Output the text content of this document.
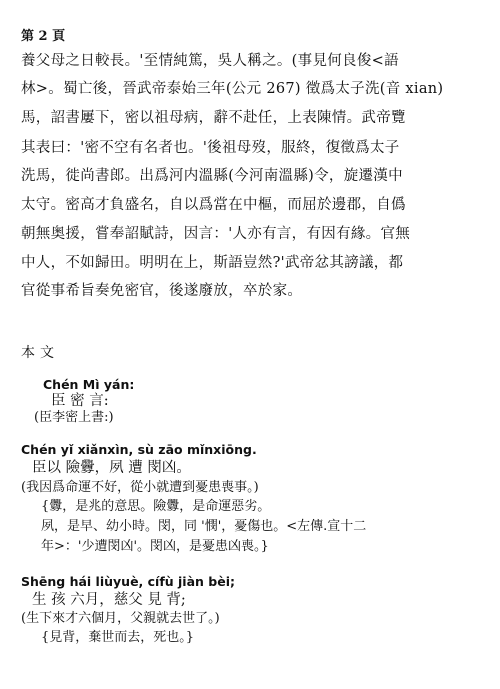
第 2 頁
養父母之日較長。'至情純篤，吳人稱之。(事見何良俊<語
林>。蜀亡後，晉武帝泰始三年(公元 267) 徵爲太子洗(音 xian)
馬，詔書屢下，密以祖母病，辭不赴任，上表陳情。武帝覽
其表曰：'密不空有名者也。'後祖母歿，服終，復徵爲太子
洗馬，徙尚書郎。出爲河内溫縣(今河南溫縣)令，旋遷漢中
太守。密高才負盛名，自以爲當在中樞，而屈於邊郡，自僞
朝無奥援，嘗奉詔賦詩，因言：'人亦有言，有因有緣。官無
中人，不如歸田。明明在上，斯語豈然?'武帝忿其謗議，都
官從事希旨奏免密官，後遂廢放，卒於家。
本文
Chén Mì yán:
臣 密 言:
(臣李密上書:)
Chén yǐ xiǎnxìn, sù zāo mǐnxiōng.
臣以 險釁，夙 遭 閔凶。
(我因爲命運不好，從小就遭到憂患喪事。)
{釁，是兆的意思。險釁，是命運惡劣。
夙，是早、幼小時。閔，同 '憫'，憂傷也。<左傳.宣十二
年>：'少遭閔凶'。閔凶，是憂患凶喪。}
Shēng hái liùyuè, cífù jiàn bèi;
生 孩 六月，慈父 見 背;
(生下來才六個月，父親就去世了。)
{見背，棄世而去，死也。}
